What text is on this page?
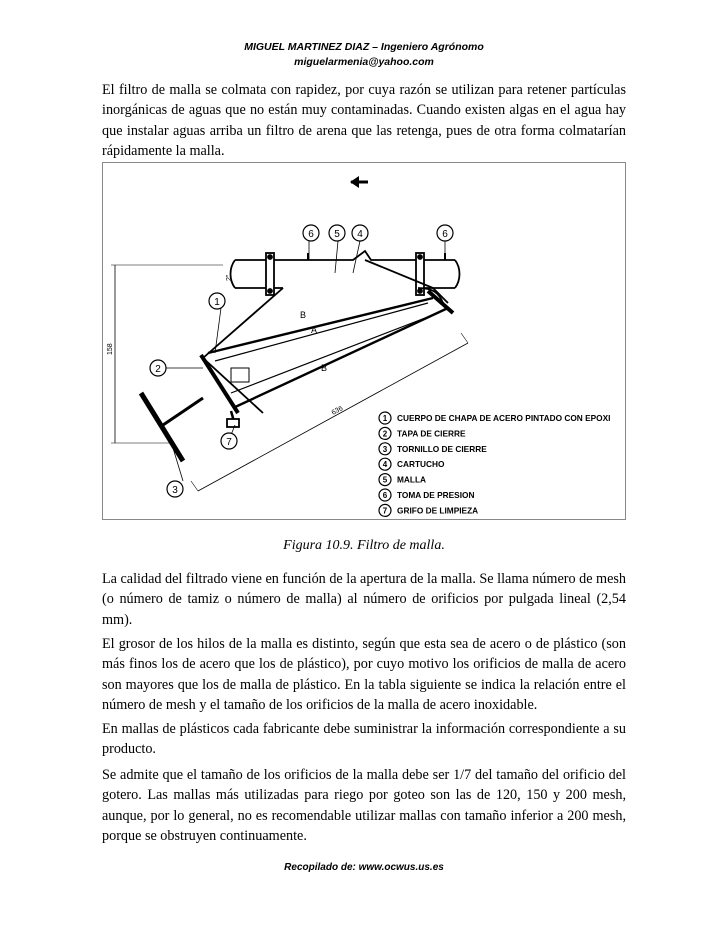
MIGUEL MARTINEZ DIAZ – Ingeniero Agrónomo
miguelarmenia@yahoo.com
El filtro de malla se colmata con rapidez, por cuya razón se utilizan para retener partículas inorgánicas de aguas que no están muy contaminadas. Cuando existen algas en el agua hay que instalar aguas arriba un filtro de arena que las retenga, pues de otra forma colmatarían rápidamente la malla.
1
2
3
4
5
6	6
7
B
A
B
158
636
2"
1 CUERPO DE CHAPA DE ACERO PINTADO CON EPOXI
2 TAPA DE CIERRE
3 TORNILLO DE CIERRE
4 CARTUCHO
5 MALLA
6 TOMA DE PRESION
7 GRIFO DE LIMPIEZA
Figura 10.9. Filtro de malla.
La calidad del filtrado viene en función de la apertura de la malla. Se llama número de mesh (o número de tamiz o número de malla) al número de orificios por pulgada lineal (2,54 mm).
El grosor de los hilos de la malla es distinto, según que esta sea de acero o de plástico (son más finos los de acero que los de plástico), por cuyo motivo los orificios de malla de acero son mayores que los de malla de plástico. En la tabla siguiente se indica la relación entre el número de mesh y el tamaño de los orificios de la malla de acero inoxidable.
En mallas de plásticos cada fabricante debe suministrar la información correspondiente a su producto.
Se admite que el tamaño de los orificios de la malla debe ser 1/7 del tamaño del orificio del gotero. Las mallas más utilizadas para riego por goteo son las de 120, 150 y 200 mesh, aunque, por lo general, no es recomendable utilizar mallas con tamaño inferior a 200 mesh, porque se obstruyen continuamente.
Recopilado de: www.ocwus.us.es
